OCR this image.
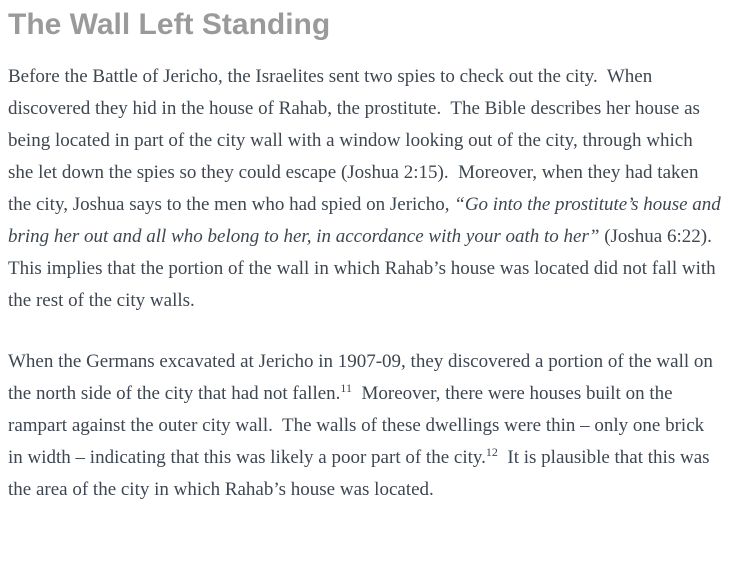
The Wall Left Standing

Before the Battle of Jericho, the Israelites sent two spies to check out the city.  When discovered they hid in the house of Rahab, the prostitute.  The Bible describes her house as being located in part of the city wall with a window looking out of the city, through which she let down the spies so they could escape (Joshua 2:15).  Moreover, when they had taken the city, Joshua says to the men who had spied on Jericho, “Go into the prostitute’s house and bring her out and all who belong to her, in accordance with your oath to her” (Joshua 6:22). This implies that the portion of the wall in which Rahab’s house was located did not fall with the rest of the city walls.

When the Germans excavated at Jericho in 1907-09, they discovered a portion of the wall on the north side of the city that had not fallen.$^{11}$  Moreover, there were houses built on the rampart against the outer city wall.  The walls of these dwellings were thin – only one brick in width – indicating that this was likely a poor part of the city.$^{12}$  It is plausible that this was the area of the city in which Rahab’s house was located.
